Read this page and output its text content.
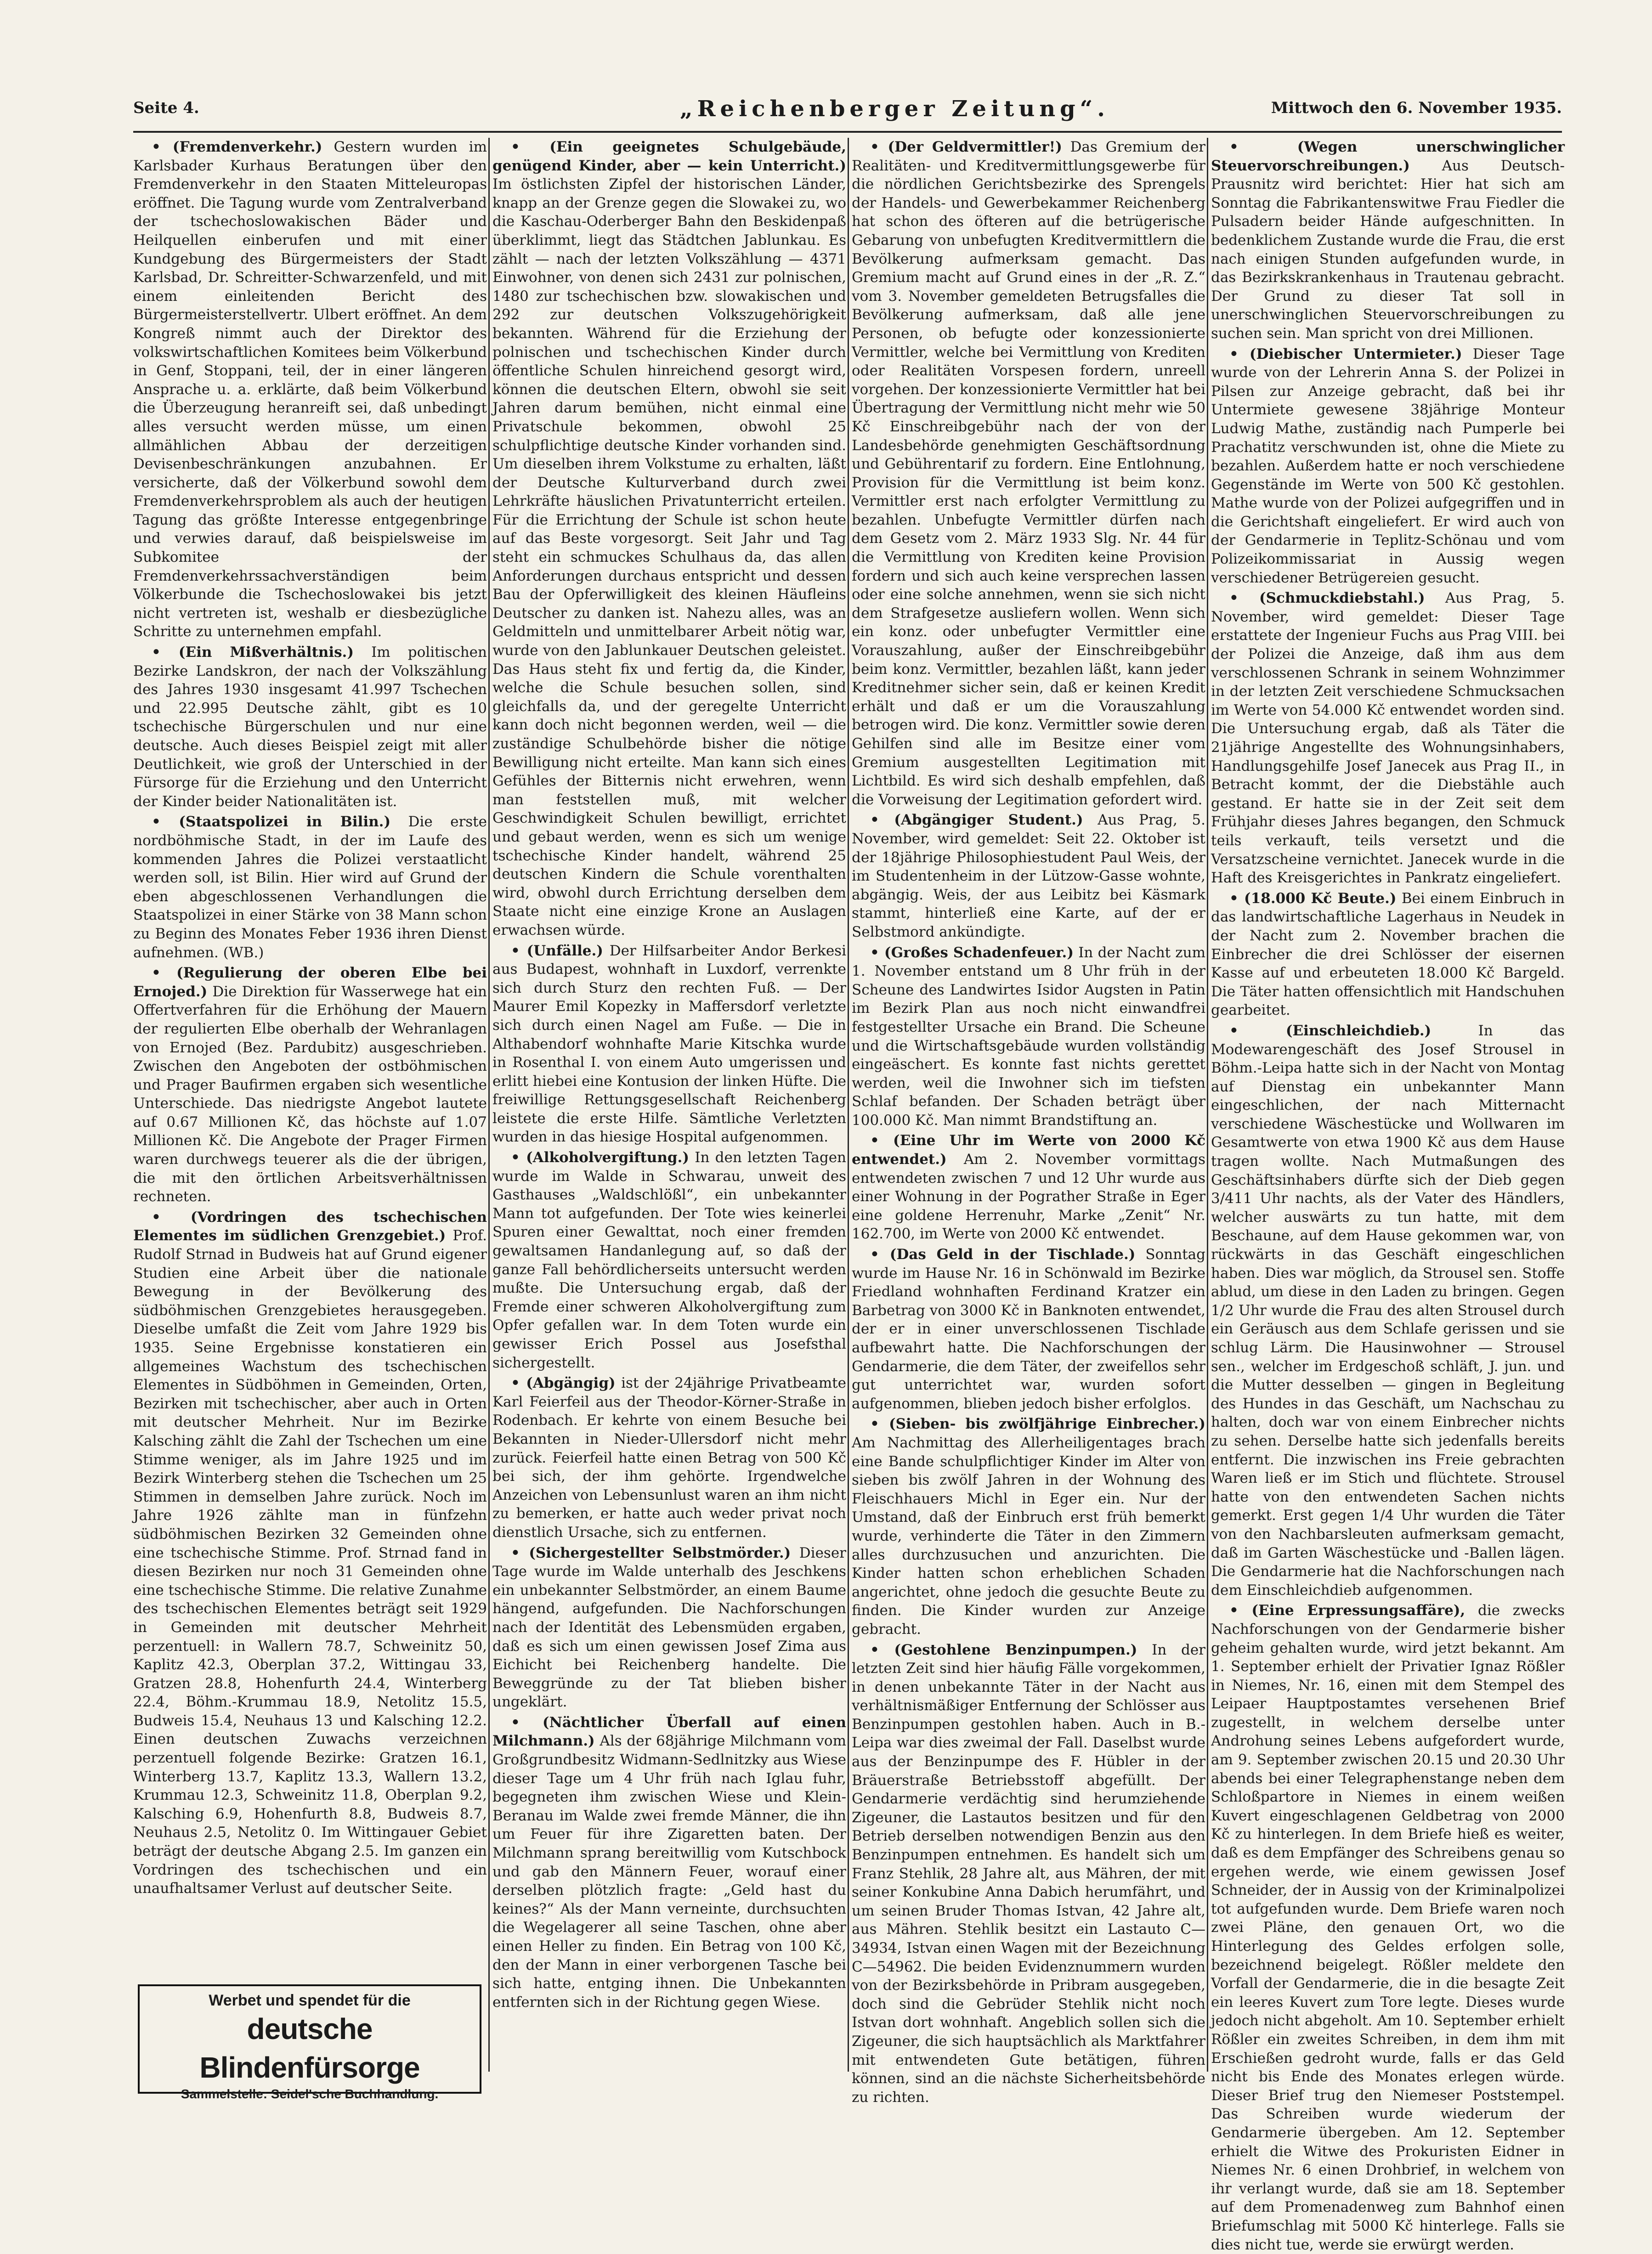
Seite 4.	„Reichenberger Zeitung“.	Mittwoch den 6. November 1935.

• (Fremdenverkehr.) Gestern wurden im Karlsbader Kurhaus Beratungen über den Fremdenverkehr in den Staaten Mitteleuropas eröffnet. Die Tagung wurde vom Zentralverband der tschechoslowakischen Bäder und Heilquellen einberufen und mit einer Kundgebung des Bürgermeisters der Stadt Karlsbad, Dr. Schreitter-Schwarzenfeld, und mit einem einleitenden Bericht des Bürgermeisterstellvertr. Ulbert eröffnet. An dem Kongreß nimmt auch der Direktor des volkswirtschaftlichen Komitees beim Völkerbund in Genf, Stoppani, teil, der in einer längeren Ansprache u. a. erklärte, daß beim Völkerbund die Überzeugung heranreift sei, daß unbedingt alles versucht werden müsse, um einen allmählichen Abbau der derzeitigen Devisenbeschränkungen anzubahnen. Er versicherte, daß der Völkerbund sowohl dem Fremdenverkehrsproblem als auch der heutigen Tagung das größte Interesse entgegenbringe und verwies darauf, daß beispielsweise im Subkomitee der Fremdenverkehrssachverständigen beim Völkerbunde die Tschechoslowakei bis jetzt nicht vertreten ist, weshalb er diesbezügliche Schritte zu unternehmen empfahl.

• (Ein Mißverhältnis.) Im politischen Bezirke Landskron, der nach der Volkszählung des Jahres 1930 insgesamt 41.997 Tschechen und 22.995 Deutsche zählt, gibt es 10 tschechische Bürgerschulen und nur eine deutsche. Auch dieses Beispiel zeigt mit aller Deutlichkeit, wie groß der Unterschied in der Fürsorge für die Erziehung und den Unterricht der Kinder beider Nationalitäten ist.

• (Staatspolizei in Bilin.) Die erste nordböhmische Stadt, in der im Laufe des kommenden Jahres die Polizei verstaatlicht werden soll, ist Bilin. Hier wird auf Grund der eben abgeschlossenen Verhandlungen die Staatspolizei in einer Stärke von 38 Mann schon zu Beginn des Monates Feber 1936 ihren Dienst aufnehmen. (WB.)

• (Regulierung der oberen Elbe bei Ernojed.) Die Direktion für Wasserwege hat ein Offertverfahren für die Erhöhung der Mauern der regulierten Elbe oberhalb der Wehranlagen von Ernojed (Bez. Pardubitz) ausgeschrieben. Zwischen den Angeboten der ostböhmischen und Prager Baufirmen ergaben sich wesentliche Unterschiede. Das niedrigste Angebot lautete auf 0.67 Millionen Kč, das höchste auf 1.07 Millionen Kč. Die Angebote der Prager Firmen waren durchwegs teuerer als die der übrigen, die mit den örtlichen Arbeitsverhältnissen rechneten.

• (Vordringen des tschechischen Elementes im südlichen Grenzgebiet.) Prof. Rudolf Strnad in Budweis hat auf Grund eigener Studien eine Arbeit über die nationale Bewegung in der Bevölkerung des südböhmischen Grenzgebietes herausgegeben. Dieselbe umfaßt die Zeit vom Jahre 1929 bis 1935. Seine Ergebnisse konstatieren ein allgemeines Wachstum des tschechischen Elementes in Südböhmen in Gemeinden, Orten, Bezirken mit tschechischer, aber auch in Orten mit deutscher Mehrheit. Nur im Bezirke Kalsching zählt die Zahl der Tschechen um eine Stimme weniger, als im Jahre 1925 und im Bezirk Winterberg stehen die Tschechen um 25 Stimmen in demselben Jahre zurück. Noch im Jahre 1926 zählte man in fünfzehn südböhmischen Bezirken 32 Gemeinden ohne eine tschechische Stimme. Prof. Strnad fand in diesen Bezirken nur noch 31 Gemeinden ohne eine tschechische Stimme. Die relative Zunahme des tschechischen Elementes beträgt seit 1929 in Gemeinden mit deutscher Mehrheit perzentuell: in Wallern 78.7, Schweinitz 50, Kaplitz 42.3, Oberplan 37.2, Wittingau 33, Gratzen 28.8, Hohenfurth 24.4, Winterberg 22.4, Böhm.-Krummau 18.9, Netolitz 15.5, Budweis 15.4, Neuhaus 13 und Kalsching 12.2. Einen deutschen Zuwachs verzeichnen perzentuell folgende Bezirke: Gratzen 16.1, Winterberg 13.7, Kaplitz 13.3, Wallern 13.2, Krummau 12.3, Schweinitz 11.8, Oberplan 9.2, Kalsching 6.9, Hohenfurth 8.8, Budweis 8.7, Neuhaus 2.5, Netolitz 0. Im Wittingauer Gebiet beträgt der deutsche Abgang 2.5. Im ganzen ein Vordringen des tschechischen und ein unaufhaltsamer Verlust auf deutscher Seite.

• (Ein geeignetes Schulgebäude, genügend Kinder, aber — kein Unterricht.) Im östlichsten Zipfel der historischen Länder, knapp an der Grenze gegen die Slowakei zu, wo die Kaschau-Oderberger Bahn den Beskidenpaß überklimmt, liegt das Städtchen Jablunkau. Es zählt — nach der letzten Volkszählung — 4371 Einwohner, von denen sich 2431 zur polnischen, 1480 zur tschechischen bzw. slowakischen und 292 zur deutschen Volkszugehörigkeit bekannten. Während für die Erziehung der polnischen und tschechischen Kinder durch öffentliche Schulen hinreichend gesorgt wird, können die deutschen Eltern, obwohl sie seit Jahren darum bemühen, nicht einmal eine Privatschule bekommen, obwohl 25 schulpflichtige deutsche Kinder vorhanden sind. Um dieselben ihrem Volkstume zu erhalten, läßt der Deutsche Kulturverband durch zwei Lehrkräfte häuslichen Privatunterricht erteilen. Für die Errichtung der Schule ist schon heute auf das Beste vorgesorgt. Seit Jahr und Tag steht ein schmuckes Schulhaus da, das allen Anforderungen durchaus entspricht und dessen Bau der Opferwilligkeit des kleinen Häufleins Deutscher zu danken ist. Nahezu alles, was an Geldmitteln und unmittelbarer Arbeit nötig war, wurde von den Jablunkauer Deutschen geleistet. Das Haus steht fix und fertig da, die Kinder, welche die Schule besuchen sollen, sind gleichfalls da, und der geregelte Unterricht kann doch nicht begonnen werden, weil — die zuständige Schulbehörde bisher die nötige Bewilligung nicht erteilte. Man kann sich eines Gefühles der Bitternis nicht erwehren, wenn man feststellen muß, mit welcher Geschwindigkeit Schulen bewilligt, errichtet und gebaut werden, wenn es sich um wenige tschechische Kinder handelt, während 25 deutschen Kindern die Schule vorenthalten wird, obwohl durch Errichtung derselben dem Staate nicht eine einzige Krone an Auslagen erwachsen würde.

• (Unfälle.) Der Hilfsarbeiter Andor Berkesi aus Budapest, wohnhaft in Luxdorf, verrenkte sich durch Sturz den rechten Fuß. — Der Maurer Emil Kopezky in Maffersdorf verletzte sich durch einen Nagel am Fuße. — Die in Althabendorf wohnhafte Marie Kitschka wurde in Rosenthal I. von einem Auto umgerissen und erlitt hiebei eine Kontusion der linken Hüfte. Die freiwillige Rettungsgesellschaft Reichenberg leistete die erste Hilfe. Sämtliche Verletzten wurden in das hiesige Hospital aufgenommen.

• (Alkoholvergiftung.) In den letzten Tagen wurde im Walde in Schwarau, unweit des Gasthauses „Waldschlößl“, ein unbekannter Mann tot aufgefunden. Der Tote wies keinerlei Spuren einer Gewalttat, noch einer fremden gewaltsamen Handanlegung auf, so daß der ganze Fall behördlicherseits untersucht werden mußte. Die Untersuchung ergab, daß der Fremde einer schweren Alkoholvergiftung zum Opfer gefallen war. In dem Toten wurde ein gewisser Erich Possel aus Josefsthal sichergestellt.

• (Abgängig) ist der 24jährige Privatbeamte Karl Feierfeil aus der Theodor-Körner-Straße in Rodenbach. Er kehrte von einem Besuche bei Bekannten in Nieder-Ullersdorf nicht mehr zurück. Feierfeil hatte einen Betrag von 500 Kč bei sich, der ihm gehörte. Irgendwelche Anzeichen von Lebensunlust waren an ihm nicht zu bemerken, er hatte auch weder privat noch dienstlich Ursache, sich zu entfernen.

• (Sichergestellter Selbstmörder.) Dieser Tage wurde im Walde unterhalb des Jeschkens ein unbekannter Selbstmörder, an einem Baume hängend, aufgefunden. Die Nachforschungen nach der Identität des Lebensmüden ergaben, daß es sich um einen gewissen Josef Zima aus Eichicht bei Reichenberg handelte. Die Beweggründe zu der Tat blieben bisher ungeklärt.

• (Nächtlicher Überfall auf einen Milchmann.) Als der 68jährige Milchmann vom Großgrundbesitz Widmann-Sedlnitzky aus Wiese dieser Tage um 4 Uhr früh nach Iglau fuhr, begegneten ihm zwischen Wiese und Klein-Beranau im Walde zwei fremde Männer, die ihn um Feuer für ihre Zigaretten baten. Der Milchmann sprang bereitwillig vom Kutschbock und gab den Männern Feuer, worauf einer derselben plötzlich fragte: „Geld hast du keines?“ Als der Mann verneinte, durchsuchten die Wegelagerer all seine Taschen, ohne aber einen Heller zu finden. Ein Betrag von 100 Kč, den der Mann in einer verborgenen Tasche bei sich hatte, entging ihnen. Die Unbekannten entfernten sich in der Richtung gegen Wiese.

• (Der Geldvermittler!) Das Gremium der Realitäten- und Kreditvermittlungsgewerbe für die nördlichen Gerichtsbezirke des Sprengels der Handels- und Gewerbekammer Reichenberg hat schon des öfteren auf die betrügerische Gebarung von unbefugten Kreditvermittlern die Bevölkerung aufmerksam gemacht. Das Gremium macht auf Grund eines in der „R. Z.“ vom 3. November gemeldeten Betrugsfalles die Bevölkerung aufmerksam, daß alle jene Personen, ob befugte oder konzessionierte Vermittler, welche bei Vermittlung von Krediten oder Realitäten Vorspesen fordern, unreell vorgehen. Der konzessionierte Vermittler hat bei Übertragung der Vermittlung nicht mehr wie 50 Kč Einschreibgebühr nach der von der Landesbehörde genehmigten Geschäftsordnung und Gebührentarif zu fordern. Eine Entlohnung, Provision für die Vermittlung ist beim konz. Vermittler erst nach erfolgter Vermittlung zu bezahlen. Unbefugte Vermittler dürfen nach dem Gesetz vom 2. März 1933 Slg. Nr. 44 für die Vermittlung von Krediten keine Provision fordern und sich auch keine versprechen lassen oder eine solche annehmen, wenn sie sich nicht dem Strafgesetze ausliefern wollen. Wenn sich ein konz. oder unbefugter Vermittler eine Vorauszahlung, außer der Einschreibgebühr beim konz. Vermittler, bezahlen läßt, kann jeder Kreditnehmer sicher sein, daß er keinen Kredit erhält und daß er um die Vorauszahlung betrogen wird. Die konz. Vermittler sowie deren Gehilfen sind alle im Besitze einer vom Gremium ausgestellten Legitimation mit Lichtbild. Es wird sich deshalb empfehlen, daß die Vorweisung der Legitimation gefordert wird.

• (Abgängiger Student.) Aus Prag, 5. November, wird gemeldet: Seit 22. Oktober ist der 18jährige Philosophiestudent Paul Weis, der im Studentenheim in der Lützow-Gasse wohnte, abgängig. Weis, der aus Leibitz bei Käsmark stammt, hinterließ eine Karte, auf der er Selbstmord ankündigte.

• (Großes Schadenfeuer.) In der Nacht zum 1. November entstand um 8 Uhr früh in der Scheune des Landwirtes Isidor Augsten in Patin im Bezirk Plan aus noch nicht einwandfrei festgestellter Ursache ein Brand. Die Scheune und die Wirtschaftsgebäude wurden vollständig eingeäschert. Es konnte fast nichts gerettet werden, weil die Inwohner sich im tiefsten Schlaf befanden. Der Schaden beträgt über 100.000 Kč. Man nimmt Brandstiftung an.

• (Eine Uhr im Werte von 2000 Kč entwendet.) Am 2. November vormittags entwendeten zwischen 7 und 12 Uhr wurde aus einer Wohnung in der Pograther Straße in Eger eine goldene Herrenuhr, Marke „Zenit“ Nr. 162.700, im Werte von 2000 Kč entwendet.

• (Das Geld in der Tischlade.) Sonntag wurde im Hause Nr. 16 in Schönwald im Bezirke Friedland wohnhaften Ferdinand Kratzer ein Barbetrag von 3000 Kč in Banknoten entwendet, der er in einer unverschlossenen Tischlade aufbewahrt hatte. Die Nachforschungen der Gendarmerie, die dem Täter, der zweifellos sehr gut unterrichtet war, wurden sofort aufgenommen, blieben jedoch bisher erfolglos.

• (Sieben- bis zwölfjährige Einbrecher.) Am Nachmittag des Allerheiligentages brach eine Bande schulpflichtiger Kinder im Alter von sieben bis zwölf Jahren in der Wohnung des Fleischhauers Michl in Eger ein. Nur der Umstand, daß der Einbruch erst früh bemerkt wurde, verhinderte die Täter in den Zimmern alles durchzusuchen und anzurichten. Die Kinder hatten schon erheblichen Schaden angerichtet, ohne jedoch die gesuchte Beute zu finden. Die Kinder wurden zur Anzeige gebracht.

• (Gestohlene Benzinpumpen.) In der letzten Zeit sind hier häufig Fälle vorgekommen, in denen unbekannte Täter in der Nacht aus verhältnismäßiger Entfernung der Schlösser aus Benzinpumpen gestohlen haben. Auch in B.-Leipa war dies zweimal der Fall. Daselbst wurde aus der Benzinpumpe des F. Hübler in der Bräuerstraße Betriebsstoff abgefüllt. Der Gendarmerie verdächtig sind herumziehende Zigeuner, die Lastautos besitzen und für den Betrieb derselben notwendigen Benzin aus den Benzinpumpen entnehmen. Es handelt sich um Franz Stehlik, 28 Jahre alt, aus Mähren, der mit seiner Konkubine Anna Dabich herumfährt, und um seinen Bruder Thomas Istvan, 42 Jahre alt, aus Mähren. Stehlik besitzt ein Lastauto C—34934, Istvan einen Wagen mit der Bezeichnung C—54962. Die beiden Evidenznummern wurden von der Bezirksbehörde in Pribram ausgegeben, doch sind die Gebrüder Stehlik nicht noch Istvan dort wohnhaft. Angeblich sollen sich die Zigeuner, die sich hauptsächlich als Marktfahrer mit entwendeten Gute betätigen, führen können, sind an die nächste Sicherheitsbehörde zu richten.

• (Wegen unerschwinglicher Steuervorschreibungen.) Aus Deutsch-Prausnitz wird berichtet: Hier hat sich am Sonntag die Fabrikantenswitwe Frau Fiedler die Pulsadern beider Hände aufgeschnitten. In bedenklichem Zustande wurde die Frau, die erst nach einigen Stunden aufgefunden wurde, in das Bezirkskrankenhaus in Trautenau gebracht. Der Grund zu dieser Tat soll in unerschwinglichen Steuervorschreibungen zu suchen sein. Man spricht von drei Millionen.

• (Diebischer Untermieter.) Dieser Tage wurde von der Lehrerin Anna S. der Polizei in Pilsen zur Anzeige gebracht, daß bei ihr Untermiete gewesene 38jährige Monteur Ludwig Mathe, zuständig nach Pumperle bei Prachatitz verschwunden ist, ohne die Miete zu bezahlen. Außerdem hatte er noch verschiedene Gegenstände im Werte von 500 Kč gestohlen. Mathe wurde von der Polizei aufgegriffen und in die Gerichtshaft eingeliefert. Er wird auch von der Gendarmerie in Teplitz-Schönau und vom Polizeikommissariat in Aussig wegen verschiedener Betrügereien gesucht.

• (Schmuckdiebstahl.) Aus Prag, 5. November, wird gemeldet: Dieser Tage erstattete der Ingenieur Fuchs aus Prag VIII. bei der Polizei die Anzeige, daß ihm aus dem verschlossenen Schrank in seinem Wohnzimmer in der letzten Zeit verschiedene Schmucksachen im Werte von 54.000 Kč entwendet worden sind. Die Untersuchung ergab, daß als Täter die 21jährige Angestellte des Wohnungsinhabers, Handlungsgehilfe Josef Janecek aus Prag II., in Betracht kommt, der die Diebstähle auch gestand. Er hatte sie in der Zeit seit dem Frühjahr dieses Jahres begangen, den Schmuck teils verkauft, teils versetzt und die Versatzscheine vernichtet. Janecek wurde in die Haft des Kreisgerichtes in Pankratz eingeliefert.

• (18.000 Kč Beute.) Bei einem Einbruch in das landwirtschaftliche Lagerhaus in Neudek in der Nacht zum 2. November brachen die Einbrecher die drei Schlösser der eisernen Kasse auf und erbeuteten 18.000 Kč Bargeld. Die Täter hatten offensichtlich mit Handschuhen gearbeitet.

• (Einschleichdieb.)	In das Modewarengeschäft des Josef Strousel in Böhm.-Leipa hatte sich in der Nacht von Montag auf Dienstag ein unbekannter Mann eingeschlichen, der nach Mitternacht verschiedene Wäschestücke und Wollwaren im Gesamtwerte von etwa 1900 Kč aus dem Hause tragen wollte. Nach Mutmaßungen des Geschäftsinhabers dürfte sich der Dieb gegen 3/411 Uhr nachts, als der Vater des Händlers, welcher auswärts zu tun hatte, mit dem Beschaune, auf dem Hause gekommen war, von rückwärts in das Geschäft eingeschlichen haben. Dies war möglich, da Strousel sen. Stoffe ablud, um diese in den Laden zu bringen. Gegen 1/2 Uhr wurde die Frau des alten Strousel durch ein Geräusch aus dem Schlafe gerissen und sie schlug Lärm. Die Hausinwohner — Strousel sen., welcher im Erdgeschoß schläft, J. jun. und die Mutter desselben — gingen in Begleitung des Hundes in das Geschäft, um Nachschau zu halten, doch war von einem Einbrecher nichts zu sehen. Derselbe hatte sich jedenfalls bereits entfernt. Die inzwischen ins Freie gebrachten Waren ließ er im Stich und flüchtete. Strousel hatte von den entwendeten Sachen nichts gemerkt. Erst gegen 1/4 Uhr wurden die Täter von den Nachbarsleuten aufmerksam gemacht, daß im Garten Wäschestücke und -Ballen lägen. Die Gendarmerie hat die Nachforschungen nach dem Einschleichdieb aufgenommen.

• (Eine Erpressungsaffäre), die zwecks Nachforschungen von der Gendarmerie bisher geheim gehalten wurde, wird jetzt bekannt. Am 1. September erhielt der Privatier Ignaz Rößler in Niemes, Nr. 16, einen mit dem Stempel des Leipaer Hauptpostamtes versehenen Brief zugestellt, in welchem derselbe unter Androhung seines Lebens aufgefordert wurde, am 9. September zwischen 20.15 und 20.30 Uhr abends bei einer Telegraphenstange neben dem Schloßpartore in Niemes in einem weißen Kuvert eingeschlagenen Geldbetrag von 2000 Kč zu hinterlegen. In dem Briefe hieß es weiter, daß es dem Empfänger des Schreibens genau so ergehen werde, wie einem gewissen Josef Schneider, der in Aussig von der Kriminalpolizei tot aufgefunden wurde. Dem Briefe waren noch zwei Pläne, den genauen Ort, wo die Hinterlegung des Geldes erfolgen solle, bezeichnend beigelegt. Rößler meldete den Vorfall der Gendarmerie, die in die besagte Zeit ein leeres Kuvert zum Tore legte. Dieses wurde jedoch nicht abgeholt. Am 10. September erhielt Rößler ein zweites Schreiben, in dem ihm mit Erschießen gedroht wurde, falls er das Geld nicht bis Ende des Monates erlegen würde. Dieser Brief trug den Niemeser Poststempel. Das Schreiben wurde wiederum der Gendarmerie übergeben. Am 12. September erhielt die Witwe des Prokuristen Eidner in Niemes Nr. 6 einen Drohbrief, in welchem von ihr verlangt wurde, daß sie am 18. September auf dem Promenadenweg zum Bahnhof einen Briefumschlag mit 5000 Kč hinterlege. Falls sie dies nicht tue, werde sie erwürgt werden.

Werbet und spendet für die
deutsche Blindenfürsorge
Sammelstelle: Seidel'sche Buchhandlung.
